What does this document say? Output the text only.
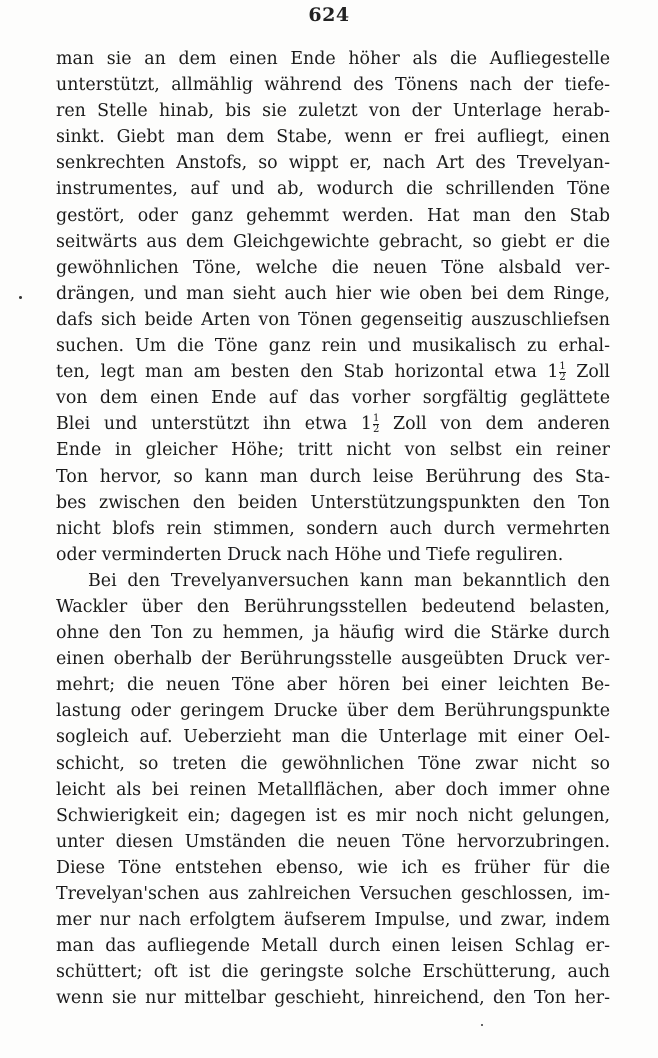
624
man sie an dem einen Ende höher als die Aufliegestelle
unterstützt, allmählig während des Tönens nach der tiefe-
ren Stelle hinab, bis sie zuletzt von der Unterlage herab-
sinkt. Giebt man dem Stabe, wenn er frei aufliegt, einen
senkrechten Anstofs, so wippt er, nach Art des Trevelyan-
instrumentes, auf und ab, wodurch die schrillenden Töne
gestört, oder ganz gehemmt werden. Hat man den Stab
seitwärts aus dem Gleichgewichte gebracht, so giebt er die
gewöhnlichen Töne, welche die neuen Töne alsbald ver-
drängen, und man sieht auch hier wie oben bei dem Ringe,
dafs sich beide Arten von Tönen gegenseitig auszuschliefsen
suchen. Um die Töne ganz rein und musikalisch zu erhal-
ten, legt man am besten den Stab horizontal etwa $1 \frac{1}{2}$ Zoll
von dem einen Ende auf das vorher sorgfältig geglättete
Blei und unterstützt ihn etwa $1 \frac{1}{2}$ Zoll von dem anderen
Ende in gleicher Höhe; tritt nicht von selbst ein reiner
Ton hervor, so kann man durch leise Berührung des Sta-
bes zwischen den beiden Unterstützungspunkten den Ton
nicht blofs rein stimmen, sondern auch durch vermehrten
oder verminderten Druck nach Höhe und Tiefe reguliren.
Bei den Trevelyanversuchen kann man bekanntlich den
Wackler über den Berührungsstellen bedeutend belasten,
ohne den Ton zu hemmen, ja häufig wird die Stärke durch
einen oberhalb der Berührungsstelle ausgeübten Druck ver-
mehrt; die neuen Töne aber hören bei einer leichten Be-
lastung oder geringem Drucke über dem Berührungspunkte
sogleich auf. Ueberzieht man die Unterlage mit einer Oel-
schicht, so treten die gewöhnlichen Töne zwar nicht so
leicht als bei reinen Metallflächen, aber doch immer ohne
Schwierigkeit ein; dagegen ist es mir noch nicht gelungen,
unter diesen Umständen die neuen Töne hervorzubringen.
Diese Töne entstehen ebenso, wie ich es früher für die
Trevelyan'schen aus zahlreichen Versuchen geschlossen, im-
mer nur nach erfolgtem äufserem Impulse, und zwar, indem
man das aufliegende Metall durch einen leisen Schlag er-
schüttert; oft ist die geringste solche Erschütterung, auch
wenn sie nur mittelbar geschieht, hinreichend, den Ton her-
